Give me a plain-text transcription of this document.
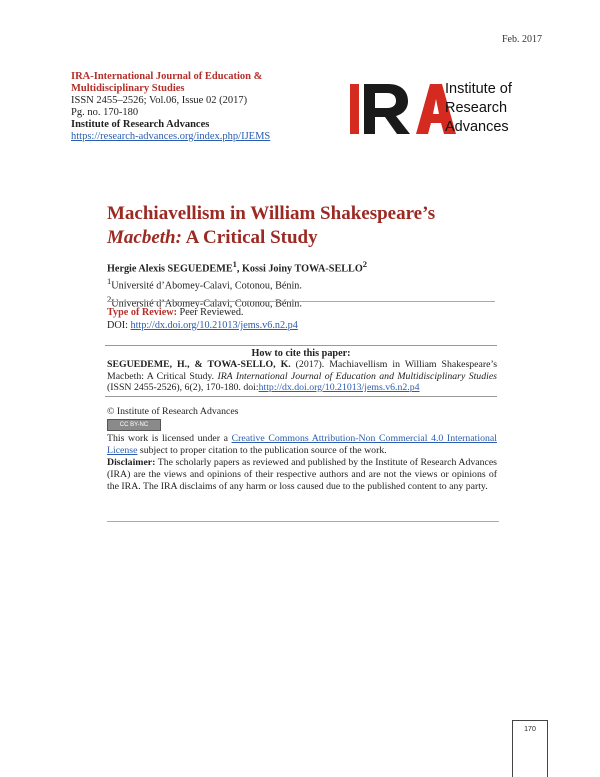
Feb. 2017
IRA-International Journal of Education & Multidisciplinary Studies
ISSN 2455–2526; Vol.06, Issue 02 (2017)
Pg. no. 170-180
Institute of Research Advances
https://research-advances.org/index.php/IJEMS
Institute of
Research
Advances
Machiavellism in William Shakespeare’s
Macbeth: A Critical Study
Hergie Alexis SEGUEDEME$^1$, Kossi Joiny TOWA-SELLO$^2$
$^1$Université d’Abomey-Calavi, Cotonou, Bénin.
$^2$Université d’Abomey-Calavi, Cotonou, Bénin.
Type of Review: Peer Reviewed.
DOI: http://dx.doi.org/10.21013/jems.v6.n2.p4
How to cite this paper:
SEGUEDEME, H., & TOWA-SELLO, K. (2017). Machiavellism in William Shakespeare’s Macbeth: A Critical Study. IRA International Journal of Education and Multidisciplinary Studies (ISSN 2455-2526), 6(2), 170-180. doi:http://dx.doi.org/10.21013/jems.v6.n2.p4
© Institute of Research Advances
CC BY-NC
This work is licensed under a Creative Commons Attribution-Non Commercial 4.0 International License subject to proper citation to the publication source of the work.
Disclaimer: The scholarly papers as reviewed and published by the Institute of Research Advances (IRA) are the views and opinions of their respective authors and are not the views or opinions of the IRA. The IRA disclaims of any harm or loss caused due to the published content to any party.
170
